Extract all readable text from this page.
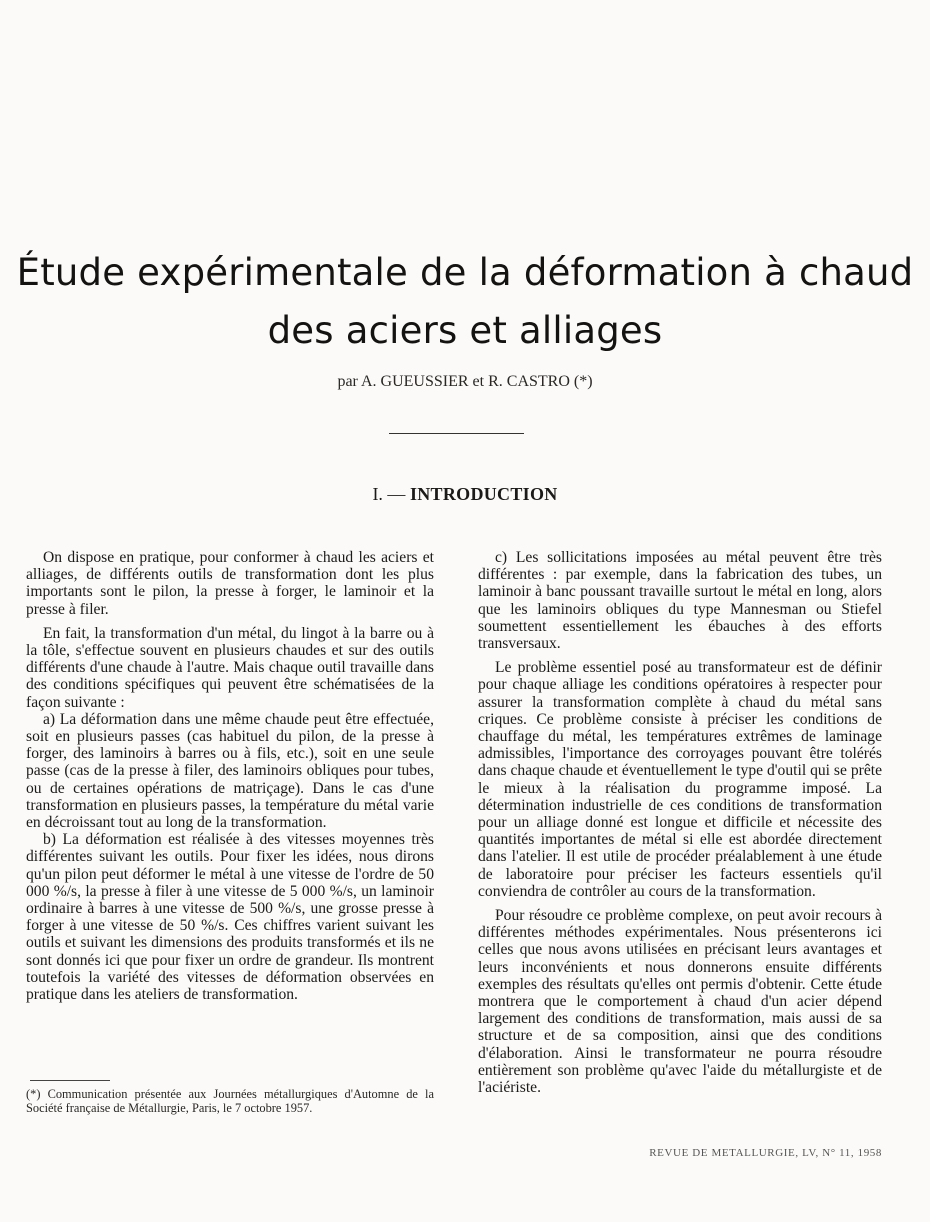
Étude expérimentale de la déformation à chaud
des aciers et alliages
par A. GUEUSSIER et R. CASTRO (*)
I. — INTRODUCTION

On dispose en pratique, pour conformer à chaud les aciers et alliages, de différents outils de transformation dont les plus importants sont le pilon, la presse à forger, le laminoir et la presse à filer.

En fait, la transformation d'un métal, du lingot à la barre ou à la tôle, s'effectue souvent en plusieurs chaudes et sur des outils différents d'une chaude à l'autre. Mais chaque outil travaille dans des conditions spécifiques qui peuvent être schématisées de la façon suivante :

a) La déformation dans une même chaude peut être effectuée, soit en plusieurs passes (cas habituel du pilon, de la presse à forger, des laminoirs à barres ou à fils, etc.), soit en une seule passe (cas de la presse à filer, des laminoirs obliques pour tubes, ou de certaines opérations de matriçage). Dans le cas d'une transformation en plusieurs passes, la température du métal varie en décroissant tout au long de la transformation.

b) La déformation est réalisée à des vitesses moyennes très différentes suivant les outils. Pour fixer les idées, nous dirons qu'un pilon peut déformer le métal à une vitesse de l'ordre de 50 000 %/s, la presse à filer à une vitesse de 5 000 %/s, un laminoir ordinaire à barres à une vitesse de 500 %/s, une grosse presse à forger à une vitesse de 50 %/s. Ces chiffres varient suivant les outils et suivant les dimensions des produits transformés et ils ne sont donnés ici que pour fixer un ordre de grandeur. Ils montrent toutefois la variété des vitesses de déformation observées en pratique dans les ateliers de transformation.

c) Les sollicitations imposées au métal peuvent être très différentes : par exemple, dans la fabrication des tubes, un laminoir à banc poussant travaille surtout le métal en long, alors que les laminoirs obliques du type Mannesman ou Stiefel soumettent essentiellement les ébauches à des efforts transversaux.

Le problème essentiel posé au transformateur est de définir pour chaque alliage les conditions opératoires à respecter pour assurer la transformation complète à chaud du métal sans criques. Ce problème consiste à préciser les conditions de chauffage du métal, les températures extrêmes de laminage admissibles, l'importance des corroyages pouvant être tolérés dans chaque chaude et éventuellement le type d'outil qui se prête le mieux à la réalisation du programme imposé. La détermination industrielle de ces conditions de transformation pour un alliage donné est longue et difficile et nécessite des quantités importantes de métal si elle est abordée directement dans l'atelier. Il est utile de procéder préalablement à une étude de laboratoire pour préciser les facteurs essentiels qu'il conviendra de contrôler au cours de la transformation.

Pour résoudre ce problème complexe, on peut avoir recours à différentes méthodes expérimentales. Nous présenterons ici celles que nous avons utilisées en précisant leurs avantages et leurs inconvénients et nous donnerons ensuite différents exemples des résultats qu'elles ont permis d'obtenir. Cette étude montrera que le comportement à chaud d'un acier dépend largement des conditions de transformation, mais aussi de sa structure et de sa composition, ainsi que des conditions d'élaboration. Ainsi le transformateur ne pourra résoudre entièrement son problème qu'avec l'aide du métallurgiste et de l'aciériste.

(*) Communication présentée aux Journées métallurgiques d'Automne de la Société française de Métallurgie, Paris, le 7 octobre 1957.
REVUE DE METALLURGIE, LV, N° 11, 1958
